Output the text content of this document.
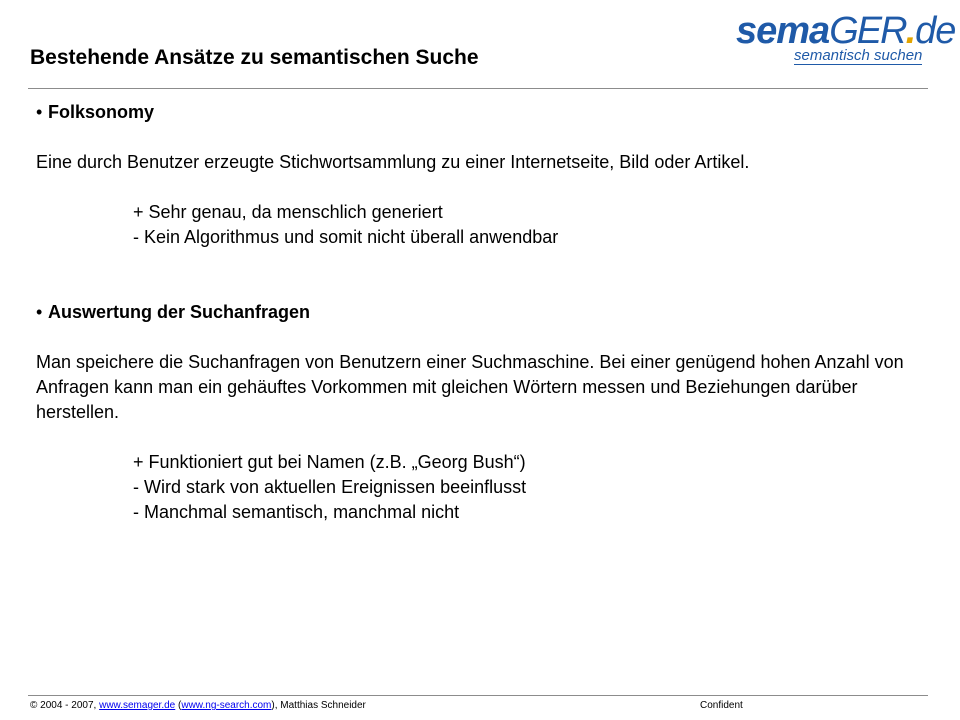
Bestehende Ansätze zu semantischen Suche
semaGER.de
semantisch suchen

• Folksonomy

Eine durch Benutzer erzeugte Stichwortsammlung zu einer Internetseite, Bild oder Artikel.

+ Sehr genau, da menschlich generiert

- Kein Algorithmus und somit nicht überall anwendbar

• Auswertung der Suchanfragen

Man speichere die Suchanfragen von Benutzern einer Suchmaschine. Bei einer genügend hohen Anzahl von Anfragen kann man ein gehäuftes Vorkommen mit gleichen Wörtern messen und Beziehungen darüber herstellen.

+ Funktioniert gut bei Namen (z.B. „Georg Bush“)

- Wird stark von aktuellen Ereignissen beeinflusst

- Manchmal semantisch, manchmal nicht

© 2004 - 2007, www.semager.de (www.ng-search.com), Matthias Schneider	Confident
